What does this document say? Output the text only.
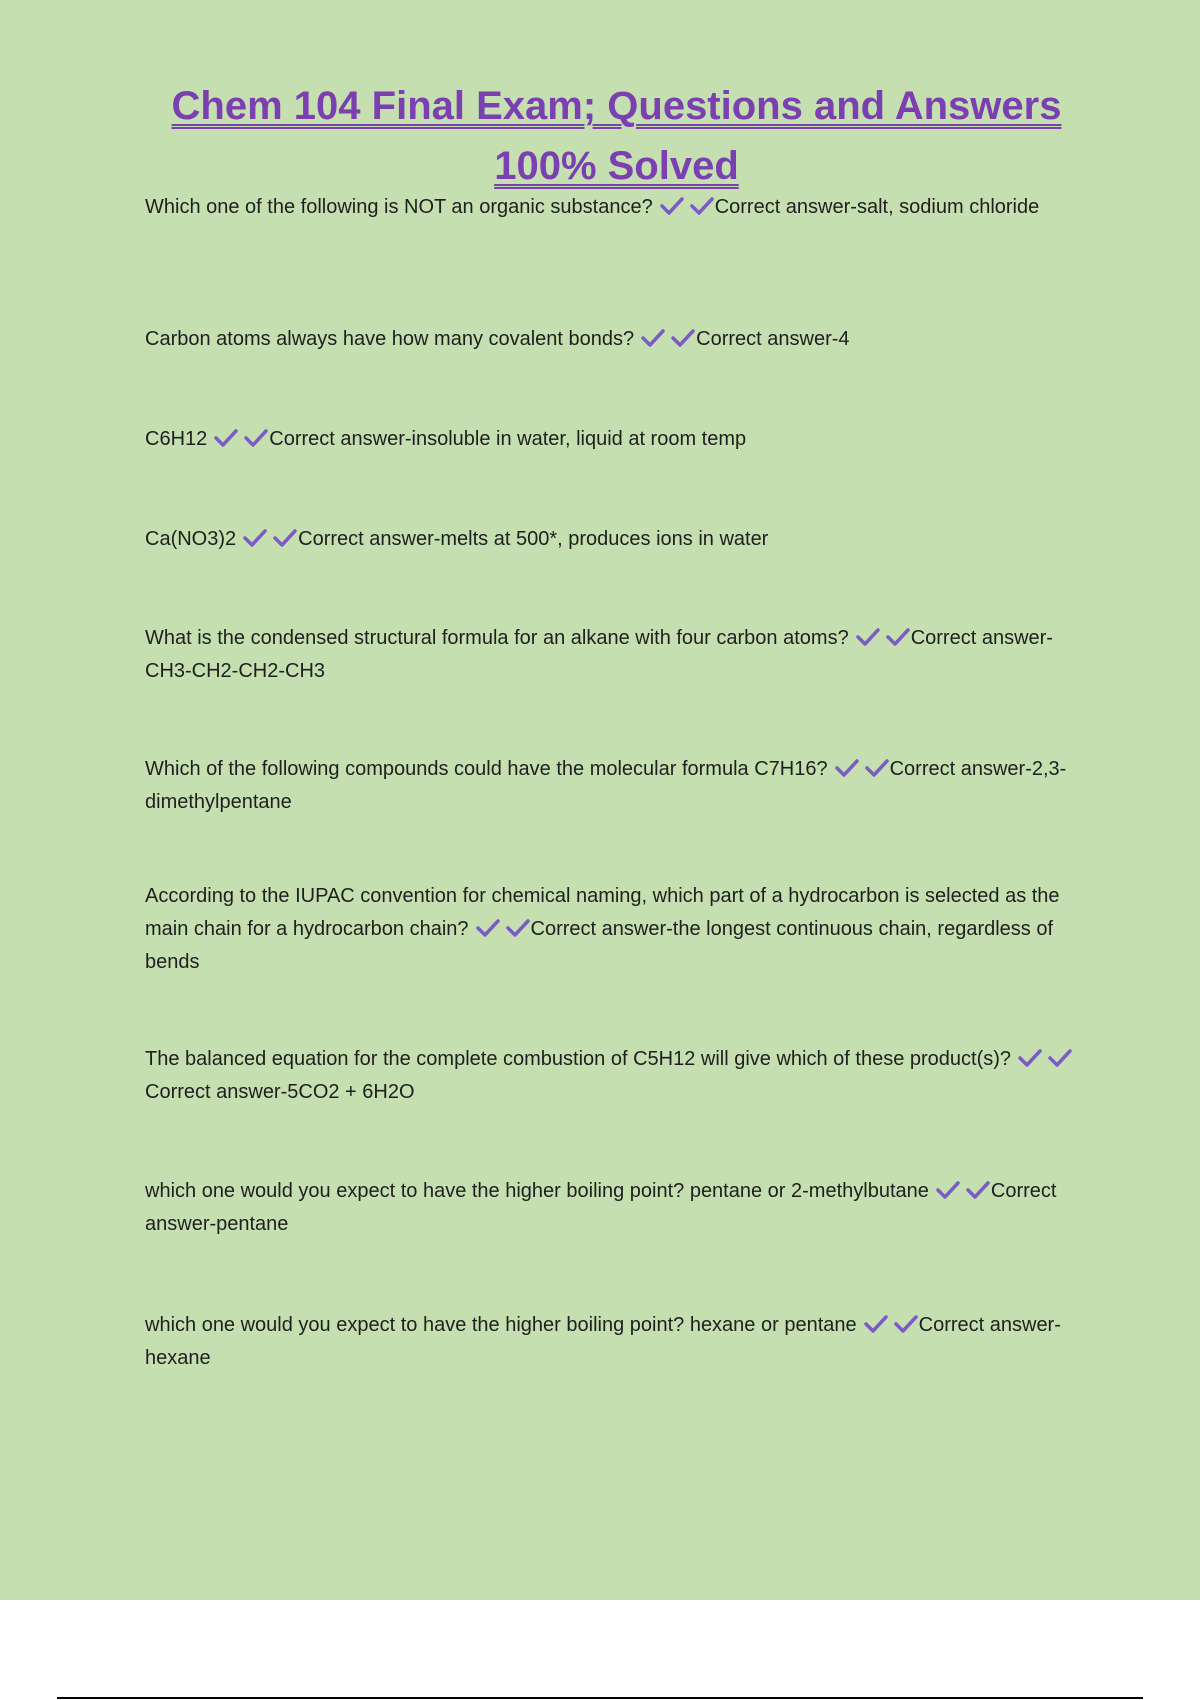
Chem 104 Final Exam; Questions and Answers
100% Solved

Which one of the following is NOT an organic substance?	Correct answer-salt, sodium chloride

Carbon atoms always have how many covalent bonds?	Correct answer-4

C6H12	Correct answer-insoluble in water, liquid at room temp

Ca(NO3)2	Correct answer-melts at 500*, produces ions in water

What is the condensed structural formula for an alkane with four carbon atoms?	Correct answer-CH3-CH2-CH2-CH3

Which of the following compounds could have the molecular formula C7H16?	Correct answer-2,3-dimethylpentane

According to the IUPAC convention for chemical naming, which part of a hydrocarbon is selected as the main chain for a hydrocarbon chain?	Correct answer-the longest continuous chain, regardless of bends

The balanced equation for the complete combustion of C5H12 will give which of these product(s)?
Correct answer-5CO2 + 6H2O

which one would you expect to have the higher boiling point? pentane or 2-methylbutane	Correct answer-pentane

which one would you expect to have the higher boiling point? hexane or pentane	Correct answer-hexane
